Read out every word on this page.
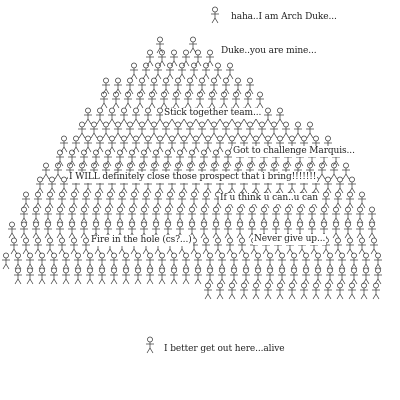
haha..I am Arch Duke...
Duke..you are mine...
Stick together team...
Got to challenge Marquis...
I WILL definitely close those prospect that i bring!!!!!!!
If u think u can..u can
Fire in the hole (cs?...)	Never give up...
I better get out here...alive
